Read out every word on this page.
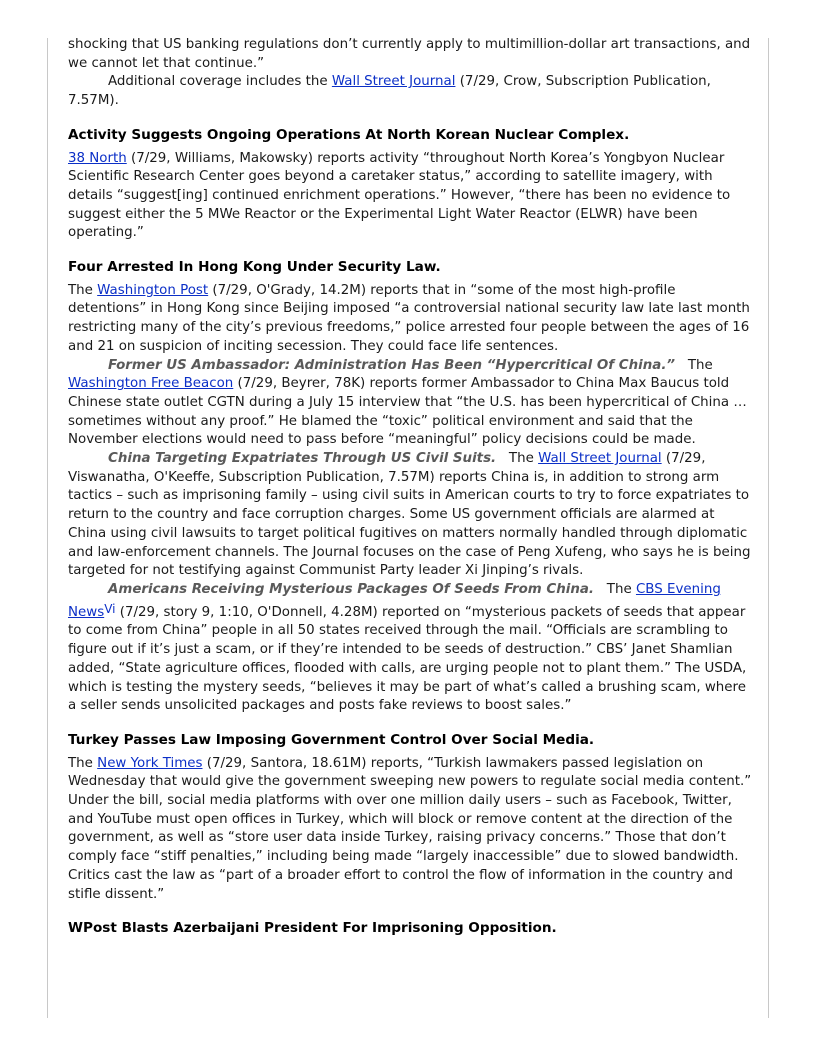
shocking that US banking regulations don’t currently apply to multimillion-dollar art transactions, and we cannot let that continue.”

Additional coverage includes the Wall Street Journal (7/29, Crow, Subscription Publication, 7.57M).

Activity Suggests Ongoing Operations At North Korean Nuclear Complex.

38 North (7/29, Williams, Makowsky) reports activity “throughout North Korea’s Yongbyon Nuclear Scientific Research Center goes beyond a caretaker status,” according to satellite imagery, with details “suggest[ing] continued enrichment operations.” However, “there has been no evidence to suggest either the 5 MWe Reactor or the Experimental Light Water Reactor (ELWR) have been operating.”

Four Arrested In Hong Kong Under Security Law.

The Washington Post (7/29, O'Grady, 14.2M) reports that in “some of the most high-profile detentions” in Hong Kong since Beijing imposed “a controversial national security law late last month restricting many of the city’s previous freedoms,” police arrested four people between the ages of 16 and 21 on suspicion of inciting secession. They could face life sentences.

Former US Ambassador: Administration Has Been “Hypercritical Of China.” The Washington Free Beacon (7/29, Beyrer, 78K) reports former Ambassador to China Max Baucus told Chinese state outlet CGTN during a July 15 interview that “the U.S. has been hypercritical of China … sometimes without any proof.” He blamed the “toxic” political environment and said that the November elections would need to pass before “meaningful” policy decisions could be made.

China Targeting Expatriates Through US Civil Suits. The Wall Street Journal (7/29, Viswanatha, O'Keeffe, Subscription Publication, 7.57M) reports China is, in addition to strong arm tactics – such as imprisoning family – using civil suits in American courts to try to force expatriates to return to the country and face corruption charges. Some US government officials are alarmed at China using civil lawsuits to target political fugitives on matters normally handled through diplomatic and law-enforcement channels. The Journal focuses on the case of Peng Xufeng, who says he is being targeted for not testifying against Communist Party leader Xi Jinping’s rivals.

Americans Receiving Mysterious Packages Of Seeds From China. The CBS Evening News$^{Vi}$ (7/29, story 9, 1:10, O'Donnell, 4.28M) reported on “mysterious packets of seeds that appear to come from China” people in all 50 states received through the mail. “Officials are scrambling to figure out if it’s just a scam, or if they’re intended to be seeds of destruction.” CBS’ Janet Shamlian added, “State agriculture offices, flooded with calls, are urging people not to plant them.” The USDA, which is testing the mystery seeds, “believes it may be part of what’s called a brushing scam, where a seller sends unsolicited packages and posts fake reviews to boost sales.”

Turkey Passes Law Imposing Government Control Over Social Media.

The New York Times (7/29, Santora, 18.61M) reports, “Turkish lawmakers passed legislation on Wednesday that would give the government sweeping new powers to regulate social media content.” Under the bill, social media platforms with over one million daily users – such as Facebook, Twitter, and YouTube must open offices in Turkey, which will block or remove content at the direction of the government, as well as “store user data inside Turkey, raising privacy concerns.” Those that don’t comply face “stiff penalties,” including being made “largely inaccessible” due to slowed bandwidth. Critics cast the law as “part of a broader effort to control the flow of information in the country and stifle dissent.”

WPost Blasts Azerbaijani President For Imprisoning Opposition.
